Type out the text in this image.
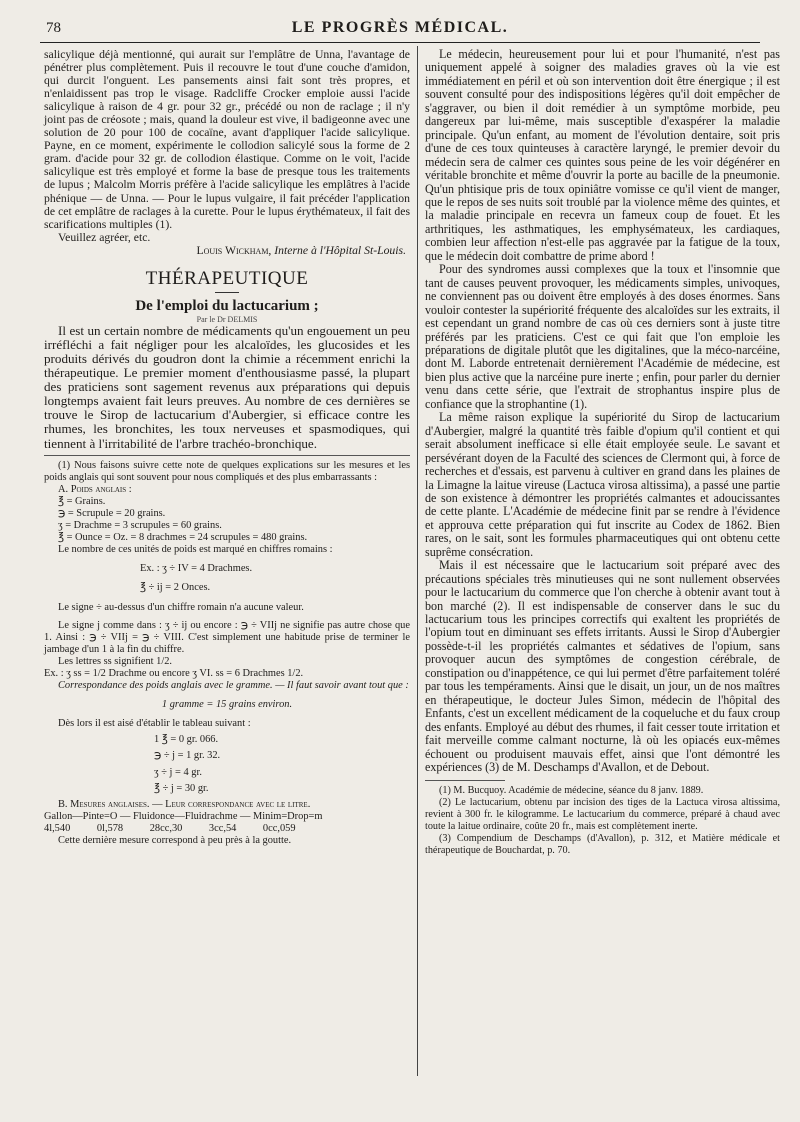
78	LE PROGRÈS MÉDICAL.

salicylique déjà mentionné, qui aurait sur l'emplâtre de Unna, l'avantage de pénétrer plus complètement. Puis il recouvre le tout d'une couche d'amidon, qui durcit l'onguent. Les pansements ainsi fait sont très propres, et n'enlaidissent pas trop le visage. Radcliffe Crocker emploie aussi l'acide salicylique à raison de 4 gr. pour 32 gr., précédé ou non de raclage ; il n'y joint pas de créosote ; mais, quand la douleur est vive, il badigeonne avec une solution de 20 pour 100 de cocaïne, avant d'appliquer l'acide salicylique. Payne, en ce moment, expérimente le collodion salicylé sous la forme de 2 gram. d'acide pour 32 gr. de collodion élastique. Comme on le voit, l'acide salicylique est très employé et forme la base de presque tous les traitements de lupus ; Malcolm Morris préfère à l'acide salicylique les emplâtres à l'acide phénique — de Unna. — Pour le lupus vulgaire, il fait précéder l'application de cet emplâtre de raclages à la curette. Pour le lupus érythémateux, il fait des scarifications multiples (1).

Veuillez agréer, etc.

Louis Wickham, Interne à l'Hôpital St-Louis.

THÉRAPEUTIQUE
De l'emploi du lactucarium ;
Par le Dr DELMIS

Il est un certain nombre de médicaments qu'un engouement un peu irréfléchi a fait négliger pour les alcaloïdes, les glucosides et les produits dérivés du goudron dont la chimie a récemment enrichi la thérapeutique. Le premier moment d'enthousiasme passé, la plupart des praticiens sont sagement revenus aux préparations qui depuis longtemps avaient fait leurs preuves. Au nombre de ces dernières se trouve le Sirop de lactucarium d'Aubergier, si efficace contre les rhumes, les bronchites, les toux nerveuses et spasmodiques, qui tiennent à l'irritabilité de l'arbre trachéo-bronchique.

(1) Nous faisons suivre cette note de quelques explications sur les mesures et les poids anglais qui sont souvent pour nous compliqués et des plus embarrassants :

A. Poids anglais :

℥ = Grains.
℈ = Scrupule = 20 grains.
ʒ = Drachme = 3 scrupules = 60 grains.
℥ = Ounce = Oz. = 8 drachmes = 24 scrupules = 480 grains.

Le nombre de ces unités de poids est marqué en chiffres romains :

Ex. : ʒ ÷ IV = 4 Drachmes.
℥ ÷ ij = 2 Onces.

Le signe ÷ au-dessus d'un chiffre romain n'a aucune valeur.

Le signe j comme dans : ʒ ÷ ij ou encore : ℈ ÷ VIIj ne signifie pas autre chose que 1. Ainsi : ℈ ÷ VIIj = ℈ ÷ VIII. C'est simplement une habitude prise de terminer le jambage d'un 1 à la fin du chiffre.

Les lettres ss signifient 1/2.

Ex. : ʒ ss = 1/2 Drachme ou encore ʒ VI. ss = 6 Drachmes 1/2.

Correspondance des poids anglais avec le gramme. — Il faut savoir avant tout que :

1 gramme = 15 grains environ.

Dès lors il est aisé d'établir le tableau suivant :

1 ℥ = 0 gr. 066.
℈ ÷ j = 1 gr. 32.
ʒ ÷ j = 4 gr.
℥ ÷ j = 30 gr.

B. Mesures anglaises. — Leur correspondance avec le litre.

Gallon—Pinte=O — Fluidonce—Fluidrachme — Minim=Drop=m
4l,540 0l,578 28cc,30 3cc,54 0cc,059
Cette dernière mesure correspond à peu près à la goutte.

Le médecin, heureusement pour lui et pour l'humanité, n'est pas uniquement appelé à soigner des maladies graves où la vie est immédiatement en péril et où son intervention doit être énergique ; il est souvent consulté pour des indispositions légères qu'il doit empêcher de s'aggraver, ou bien il doit remédier à un symptôme morbide, peu dangereux par lui-même, mais susceptible d'exaspérer la maladie principale. Qu'un enfant, au moment de l'évolution dentaire, soit pris d'une de ces toux quinteuses à caractère laryngé, le premier devoir du médecin sera de calmer ces quintes sous peine de les voir dégénérer en véritable bronchite et même d'ouvrir la porte au bacille de la pneumonie. Qu'un phtisique pris de toux opiniâtre vomisse ce qu'il vient de manger, que le repos de ses nuits soit troublé par la violence même des quintes, et la maladie principale en recevra un fameux coup de fouet. Et les arthritiques, les asthmatiques, les emphysémateux, les cardiaques, combien leur affection n'est-elle pas aggravée par la fatigue de la toux, que le médecin doit combattre de prime abord !

Pour des syndromes aussi complexes que la toux et l'insomnie que tant de causes peuvent provoquer, les médicaments simples, univoques, ne conviennent pas ou doivent être employés à des doses énormes. Sans vouloir contester la supériorité fréquente des alcaloïdes sur les extraits, il est cependant un grand nombre de cas où ces derniers sont à juste titre préférés par les praticiens. C'est ce qui fait que l'on emploie les préparations de digitale plutôt que les digitalines, que la méco-narcéine, dont M. Laborde entretenait dernièrement l'Académie de médecine, est bien plus active que la narcéine pure inerte ; enfin, pour parler du dernier venu dans cette série, que l'extrait de strophantus inspire plus de confiance que la strophantine (1).

La même raison explique la supériorité du Sirop de lactucarium d'Aubergier, malgré la quantité très faible d'opium qu'il contient et qui serait absolument inefficace si elle était employée seule. Le savant et persévérant doyen de la Faculté des sciences de Clermont qui, à force de recherches et d'essais, est parvenu à cultiver en grand dans les plaines de la Limagne la laitue vireuse (Lactuca virosa altissima), a passé une partie de son existence à démontrer les propriétés calmantes et adoucissantes de cette plante. L'Académie de médecine finit par se rendre à l'évidence et approuva cette préparation qui fut inscrite au Codex de 1862. Bien rares, on le sait, sont les formules pharmaceutiques qui ont obtenu cette suprême consécration.

Mais il est nécessaire que le lactucarium soit préparé avec des précautions spéciales très minutieuses qui ne sont nullement observées pour le lactucarium du commerce que l'on cherche à obtenir avant tout à bon marché (2). Il est indispensable de conserver dans le suc du lactucarium tous les principes correctifs qui exaltent les propriétés de l'opium tout en diminuant ses effets irritants. Aussi le Sirop d'Aubergier possède-t-il les propriétés calmantes et sédatives de l'opium, sans provoquer aucun des symptômes de congestion cérébrale, de constipation ou d'inappétence, ce qui lui permet d'être parfaitement toléré par tous les tempéraments. Ainsi que le disait, un jour, un de nos maîtres en thérapeutique, le docteur Jules Simon, médecin de l'hôpital des Enfants, c'est un excellent médicament de la coqueluche et du faux croup des enfants. Employé au début des rhumes, il fait cesser toute irritation et fait merveille comme calmant nocturne, là où les opiacés eux-mêmes échouent ou produisent mauvais effet, ainsi que l'ont démontré les expériences (3) de M. Deschamps d'Avallon, et de Debout.

(1) M. Bucquoy. Académie de médecine, séance du 8 janv. 1889.

(2) Le lactucarium, obtenu par incision des tiges de la Lactuca virosa altissima, revient à 300 fr. le kilogramme. Le lactucarium du commerce, préparé à chaud avec toute la laitue ordinaire, coûte 20 fr., mais est complètement inerte.

(3) Compendium de Deschamps (d'Avallon), p. 312, et Matière médicale et thérapeutique de Bouchardat, p. 70.
